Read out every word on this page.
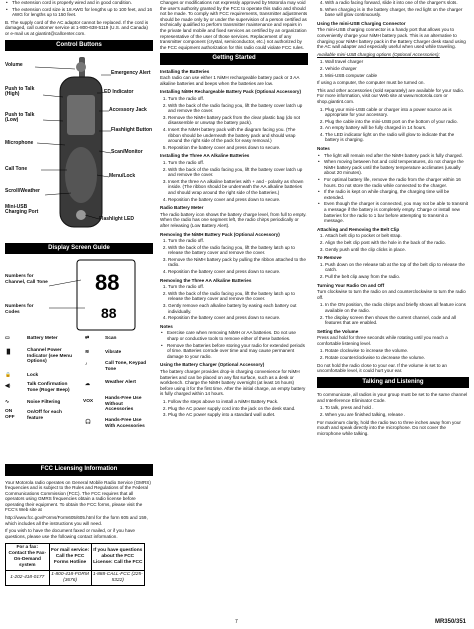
• The extension cord is properly wired and in good condition.
• The extension cord size is 18 AWG for lengths up to 100 feet, and 16 AWG for lengths up to 150 feet.

B. The supply cord of the AC adaptor cannot be replaced. If the cord is damaged, call customer service at 1-800-638-5119 (U.S. and Canada) or e-mail us at giantint@callcenter.com.

Control Buttons
Volume
Push to Talk (High)
Push to Talk (Low)
Microphone
Call Tone
Scroll/Weather
Mini-USB Charging Port
Emergency Alert
LED Indicator
Accessory Jack
Flashlight Button
Scan/Monitor
Menu/Lock
Flashlight LED
Display Screen Guide
88
88
Numbers for Channel, Call Tone
Numbers for Codes
▭	Battery Meter
▐▌	Channel Power Indicator (see Menu Options)
🔒	Lock
◀)	Talk Confirmation Tone (Roger Beep)
∿	Noise Filtering
ON
OFF
On/Off for each feature
⇄	Scan
≋	Vibrate
♪	Call Tone, Keypad Tone
☁	Weather Alert
VOX
Hands-Free Use Without Accessories
🎧	Hands-Free Use With Accessories
FCC Licensing Information

Your Motorola radio operates on General Mobile Radio Service (GMRS) frequencies and is subject to the Rules and Regulations of the Federal Communications Commission (FCC). The FCC requires that all operators using GMRS frequencies obtain a radio license before operating their equipment. To obtain the FCC forms, please visit the FCC's Web site at

http://www.fcc.gov/Forms/Form605/605.html for the form 605 and 159, which includes all the instructions you will need.

If you wish to have the document faxed or mailed, or if you have questions, please use the following contact information.

For a fax: Contact the Fax-On-Demand system	For mail service: Call the FCC Forms Hotline	If you have questions about the FCC License: Call the FCC
1-202-418-0177	1-800-418-FORM (3676)	1-888-CALL-FCC (225-5322)

Changes or modifications not expressly approved by Motorola may void the user's authority granted by the FCC to operate this radio and should not be made. To comply with FCC requirements, transmitter adjustments should be made only by or under the supervision of a person certified as technically qualified to perform transmitter maintenance and repairs in the private land mobile and fixed services as certified by an organization representative of the user of those services. Replacement of any transmitter component (crystal, semiconductor, etc.) not authorized by the FCC equipment authorization for this radio could violate FCC rules.

Getting Started
Installing the Batteries

Each radio can use either 1 NiMH rechargeable battery pack or 3 AA alkaline batteries and beeps when the batteries are low.

Installing NiMH Rechargeable Battery Pack (Optional Accessory)
1. Turn the radio off.
2. With the back of the radio facing you, lift the battery cover latch up and remove the cover.
3. Remove the NiMH battery pack from the clear plastic bag (do not disassemble or unwrap the battery pack).
4. Insert the NiMH battery pack with the diagram facing you. (The ribbon should be underneath the battery pack and should wrap around the right side of the pack for easy removal.)
5. Reposition the battery cover and press down to secure.
Installing the Three AA Alkaline Batteries
1. Turn the radio off.
2. With the back of the radio facing you, lift the battery cover latch up and remove the cover.
3. Insert the three AA alkaline batteries with + and - polarity as shown inside. (The ribbon should be underneath the AA alkaline batteries and should wrap around the right side of the batteries.)
4. Reposition the battery cover and press down to secure.
Radio Battery Meter

The radio battery icon shows the battery charge level, from full to empty. When the radio has one segment left, the radio chirps periodically or after releasing (Low Battery Alert).

Removing the NiMH Battery Pack (Optional Accessory)
1. Turn the radio off.
2. With the back of the radio facing you, lift the battery latch up to release the battery cover and remove the cover.
3. Remove the NiMH battery pack by pulling the ribbon attached to the radio.
4. Reposition the battery cover and press down to secure.
Removing the Three AA Alkaline Batteries
1. Turn the radio off.
2. With the back of the radio facing you, lift the battery latch up to release the battery cover and remove the cover.
3. Gently remove each alkaline battery by easing each battery out individually.
4. Reposition the battery cover and press down to secure.
Notes
• Exercise care when removing NiMH or AA batteries. Do not use sharp or conductive tools to remove either of these batteries.
• Remove the batteries before storing your radio for extended periods of time. Batteries corrode over time and may cause permanent damage to your radio.
Using the Battery Charger (Optional Accessory)

The battery charger provides drop-in charging convenience for NiMH batteries and can be placed on any flat surface, such as a desk or workbench. Charge the NiMH battery overnight (at least 16 hours) before using it for the first time. After the initial charge, an empty battery is fully charged within 14 hours.

1. Follow the steps above to install a NiMH Battery Pack.
2. Plug the AC power supply cord into the jack on the desk stand.
3. Plug the AC power supply into a standard wall outlet.
4. With a radio facing forward, slide it into one of the charger's slots.
5. When charging is in the battery charger, the red light on the charger base will glow continuously.
Using the mini-USB Charging Connector

The mini-USB charging connector is a handy port that allows you to conveniently charge your NiMH battery pack. This is an alternative to charging your NiMH battery pack in the Battery Charger desk stand using the AC wall adapter and especially useful when used while traveling.

Available mini-USB charging options (Optional Accessories):

1. Wall travel charger
2. Vehicle charger
3. Mini-USB computer cable

If using a computer, the computer must be turned on.

This and other accessories (sold separately) are available for your radio. For more information, visit our Web site at www.motorola.com or shop.giantint.com.

1. Plug your mini-USB cable or charger into a power source as is appropriate for your accessory.
2. Plug the cable into the mini-USB port on the bottom of your radio.
3. An empty battery will be fully charged in 14 hours.
4. The LED indicator light on the radio will glow to indicate that the battery is charging.
Notes
• The light will remain red after the NiMH battery pack is fully charged.
• When moving between hot and cold temperatures, do not charge the NiMH battery pack until the battery temperature acclimates (usually about 20 minutes).
• For optimal battery life, remove the radio from the charger within 16 hours. Do not store the radio while connected to the charger.
• If the radio is kept on while charging, the charging time will be extended.
• Even though the charger is connected, you may not be able to transmit a message if the battery is completely empty. Charge or install new batteries for the radio to 1 bar before attempting to transmit a message.
Attaching and Removing the Belt Clip
1. Attach belt clip to pocket or belt strap.
2. Align the belt clip post with the hole in the back of the radio.
3. Gently push until the clip clicks in place.
To Remove
1. Push down on the release tab at the top of the belt clip to release the catch.
2. Pull the belt clip away from the radio.
Turning Your Radio On and Off

Turn clockwise to turn the radio on and counterclockwise to turn the radio off.

1. In the ON position, the radio chirps and briefly shows all feature icons available on the radio.
2. The display screen then shows the current channel, code and all features that are enabled.
Setting the Volume

Press and hold for three seconds while rotating until you reach a comfortable listening level.

1. Rotate clockwise to increase the volume.
2. Rotate counterclockwise to decrease the volume.

Do not hold the radio close to your ear. If the volume is set to an uncomfortable level, it could hurt your ear.

Talking and Listening

To communicate, all radios in your group must be set to the same channel and Interference Eliminator Code.

1. To talk, press and hold .
2. When you are finished talking, release .

For maximum clarity, hold the radio two to three inches away from your mouth and speak directly into the microphone. Do not cover the microphone while talking.

7	MR350/351
